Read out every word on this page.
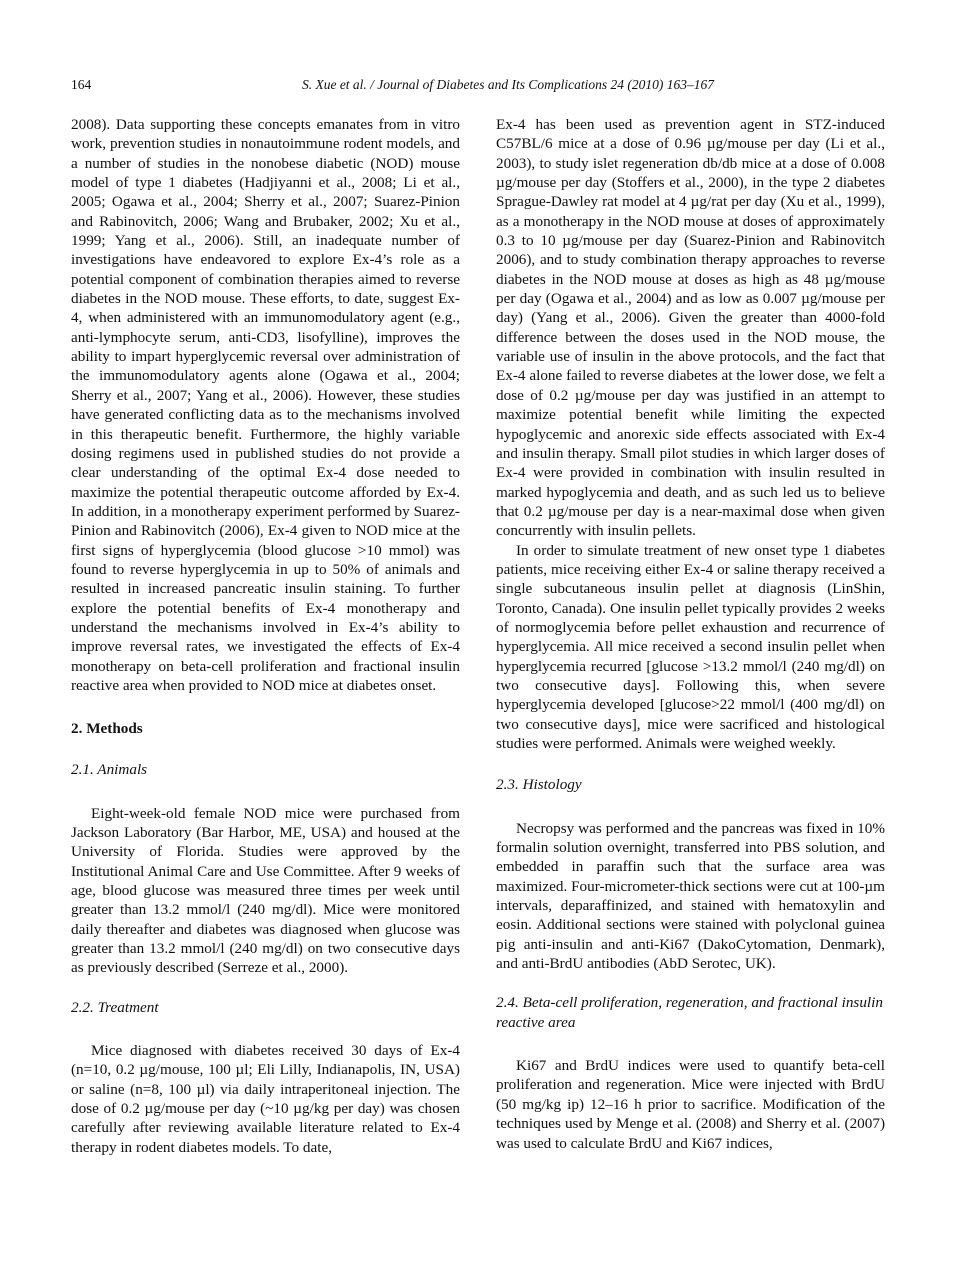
164	S. Xue et al. / Journal of Diabetes and Its Complications 24 (2010) 163–167

2008). Data supporting these concepts emanates from in vitro work, prevention studies in nonautoimmune rodent models, and a number of studies in the nonobese diabetic (NOD) mouse model of type 1 diabetes (Hadjiyanni et al., 2008; Li et al., 2005; Ogawa et al., 2004; Sherry et al., 2007; Suarez-Pinion and Rabinovitch, 2006; Wang and Brubaker, 2002; Xu et al., 1999; Yang et al., 2006). Still, an inadequate number of investigations have endeavored to explore Ex-4’s role as a potential component of combination therapies aimed to reverse diabetes in the NOD mouse. These efforts, to date, suggest Ex-4, when administered with an immunomodulatory agent (e.g., anti-lymphocyte serum, anti-CD3, lisofylline), improves the ability to impart hyperglycemic reversal over administration of the immunomodulatory agents alone (Ogawa et al., 2004; Sherry et al., 2007; Yang et al., 2006). However, these studies have generated conflicting data as to the mechanisms involved in this therapeutic benefit. Furthermore, the highly variable dosing regimens used in published studies do not provide a clear understanding of the optimal Ex-4 dose needed to maximize the potential therapeutic outcome afforded by Ex-4. In addition, in a monotherapy experiment performed by Suarez-Pinion and Rabinovitch (2006), Ex-4 given to NOD mice at the first signs of hyperglycemia (blood glucose >10 mmol) was found to reverse hyperglycemia in up to 50% of animals and resulted in increased pancreatic insulin staining. To further explore the potential benefits of Ex-4 monotherapy and understand the mechanisms involved in Ex-4’s ability to improve reversal rates, we investigated the effects of Ex-4 monotherapy on beta-cell proliferation and fractional insulin reactive area when provided to NOD mice at diabetes onset.

2. Methods
2.1. Animals

Eight-week-old female NOD mice were purchased from Jackson Laboratory (Bar Harbor, ME, USA) and housed at the University of Florida. Studies were approved by the Institutional Animal Care and Use Committee. After 9 weeks of age, blood glucose was measured three times per week until greater than 13.2 mmol/l (240 mg/dl). Mice were monitored daily thereafter and diabetes was diagnosed when glucose was greater than 13.2 mmol/l (240 mg/dl) on two consecutive days as previously described (Serreze et al., 2000).

2.2. Treatment

Mice diagnosed with diabetes received 30 days of Ex-4 (n=10, 0.2 µg/mouse, 100 µl; Eli Lilly, Indianapolis, IN, USA) or saline (n=8, 100 µl) via daily intraperitoneal injection. The dose of 0.2 µg/mouse per day (~10 µg/kg per day) was chosen carefully after reviewing available literature related to Ex-4 therapy in rodent diabetes models. To date,

Ex-4 has been used as prevention agent in STZ-induced C57BL/6 mice at a dose of 0.96 µg/mouse per day (Li et al., 2003), to study islet regeneration db/db mice at a dose of 0.008 µg/mouse per day (Stoffers et al., 2000), in the type 2 diabetes Sprague-Dawley rat model at 4 µg/rat per day (Xu et al., 1999), as a monotherapy in the NOD mouse at doses of approximately 0.3 to 10 µg/mouse per day (Suarez-Pinion and Rabinovitch 2006), and to study combination therapy approaches to reverse diabetes in the NOD mouse at doses as high as 48 µg/mouse per day (Ogawa et al., 2004) and as low as 0.007 µg/mouse per day) (Yang et al., 2006). Given the greater than 4000-fold difference between the doses used in the NOD mouse, the variable use of insulin in the above protocols, and the fact that Ex-4 alone failed to reverse diabetes at the lower dose, we felt a dose of 0.2 µg/mouse per day was justified in an attempt to maximize potential benefit while limiting the expected hypoglycemic and anorexic side effects associated with Ex-4 and insulin therapy. Small pilot studies in which larger doses of Ex-4 were provided in combination with insulin resulted in marked hypoglycemia and death, and as such led us to believe that 0.2 µg/mouse per day is a near-maximal dose when given concurrently with insulin pellets.

In order to simulate treatment of new onset type 1 diabetes patients, mice receiving either Ex-4 or saline therapy received a single subcutaneous insulin pellet at diagnosis (LinShin, Toronto, Canada). One insulin pellet typically provides 2 weeks of normoglycemia before pellet exhaustion and recurrence of hyperglycemia. All mice received a second insulin pellet when hyperglycemia recurred [glucose >13.2 mmol/l (240 mg/dl) on two consecutive days]. Following this, when severe hyperglycemia developed [glucose>22 mmol/l (400 mg/dl) on two consecutive days], mice were sacrificed and histological studies were performed. Animals were weighed weekly.

2.3. Histology

Necropsy was performed and the pancreas was fixed in 10% formalin solution overnight, transferred into PBS solution, and embedded in paraffin such that the surface area was maximized. Four-micrometer-thick sections were cut at 100-µm intervals, deparaffinized, and stained with hematoxylin and eosin. Additional sections were stained with polyclonal guinea pig anti-insulin and anti-Ki67 (DakoCytomation, Denmark), and anti-BrdU antibodies (AbD Serotec, UK).

2.4. Beta-cell proliferation, regeneration, and fractional insulin reactive area

Ki67 and BrdU indices were used to quantify beta-cell proliferation and regeneration. Mice were injected with BrdU (50 mg/kg ip) 12–16 h prior to sacrifice. Modification of the techniques used by Menge et al. (2008) and Sherry et al. (2007) was used to calculate BrdU and Ki67 indices,
